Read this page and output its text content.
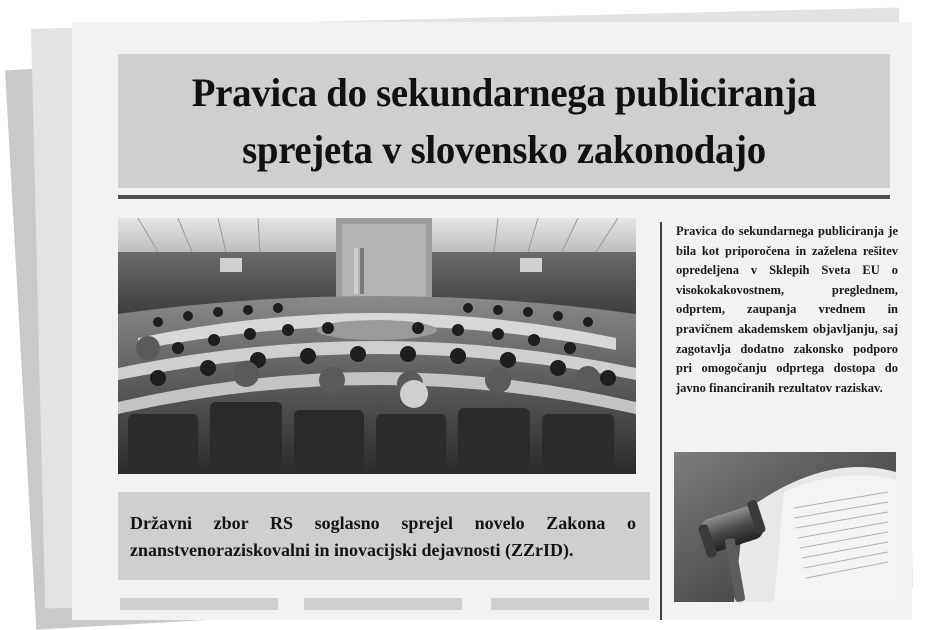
Pravica do sekundarnega publiciranja
sprejeta v slovensko zakonodajo

Državni zbor RS soglasno sprejel novelo Zakona o znanstvenoraziskovalni in inovacijski dejavnosti (ZZrID).

Pravica do sekundarnega publiciranja je bila kot priporočena in zaželena rešitev opredeljena v Sklepih Sveta EU o visokokakovostnem, preglednem, odprtem, zaupanja vrednem in pravičnem akademskem objavljanju, saj zagotavlja dodatno zakonsko podporo pri omogočanju odprtega dostopa do javno financiranih rezultatov raziskav.
